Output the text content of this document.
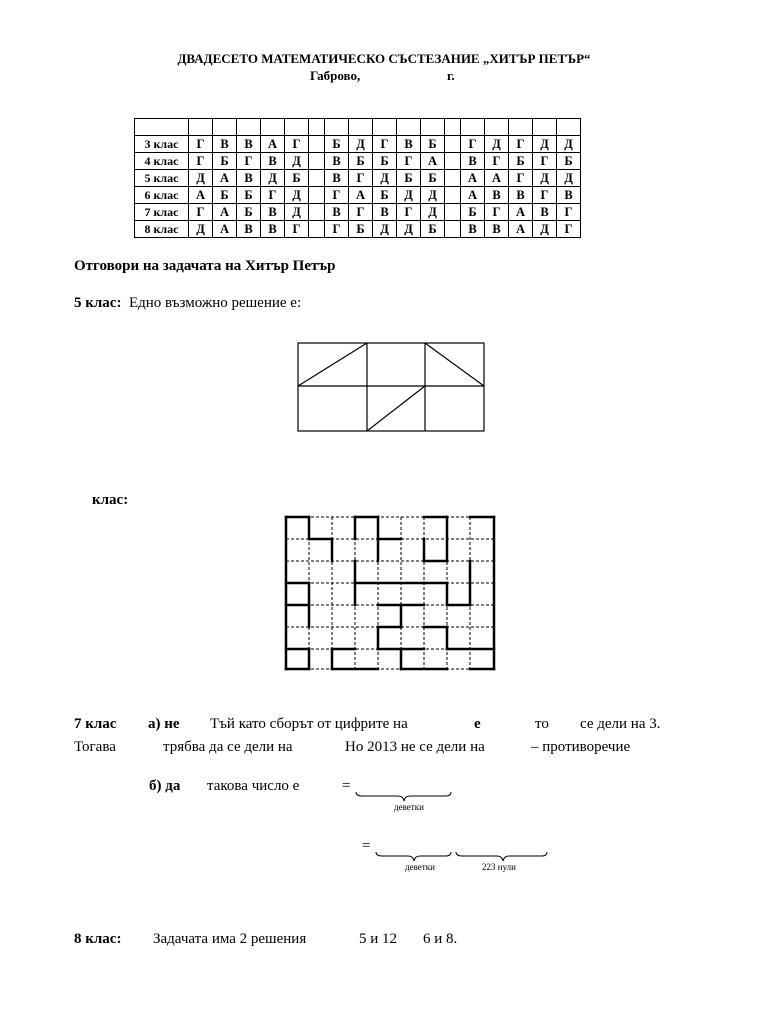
ДВАДЕСЕТО МАТЕМАТИЧЕСКО СЪСТЕЗАНИЕ „ХИТЪР ПЕТЪР“
Габрово,	г.

3 клас	Г	В	В	А	Г		Б	Д	Г	В	Б		Г	Д	Г	Д	Д
4 клас	Г	Б	Г	В	Д		В	Б	Б	Г	А		В	Г	Б	Г	Б
5 клас	Д	А	В	Д	Б		В	Г	Д	Б	Б		А	А	Г	Д	Д
6 клас	А	Б	Б	Г	Д		Г	А	Б	Д	Д		А	В	В	Г	В
7 клас	Г	А	Б	В	Д		В	Г	В	Г	Д		Б	Г	А	В	Г
8 клас	Д	А	В	В	Г		Г	Б	Д	Д	Б		В	В	А	Д	Г
Отговори на задачата на Хитър Петър
5 клас: Едно възможно решение е:
клас:
7 клас а) не Тъй като сборът от цифрите на	е	то се дели на 3.
Тогава	трябва да се дели на	Но 2013 не се дели на	– противоречие
б) да такова число е	=
деветки
=
деветки	223 нули
8 клас: Задачата има 2 решения	5 и 12 6 и 8.
